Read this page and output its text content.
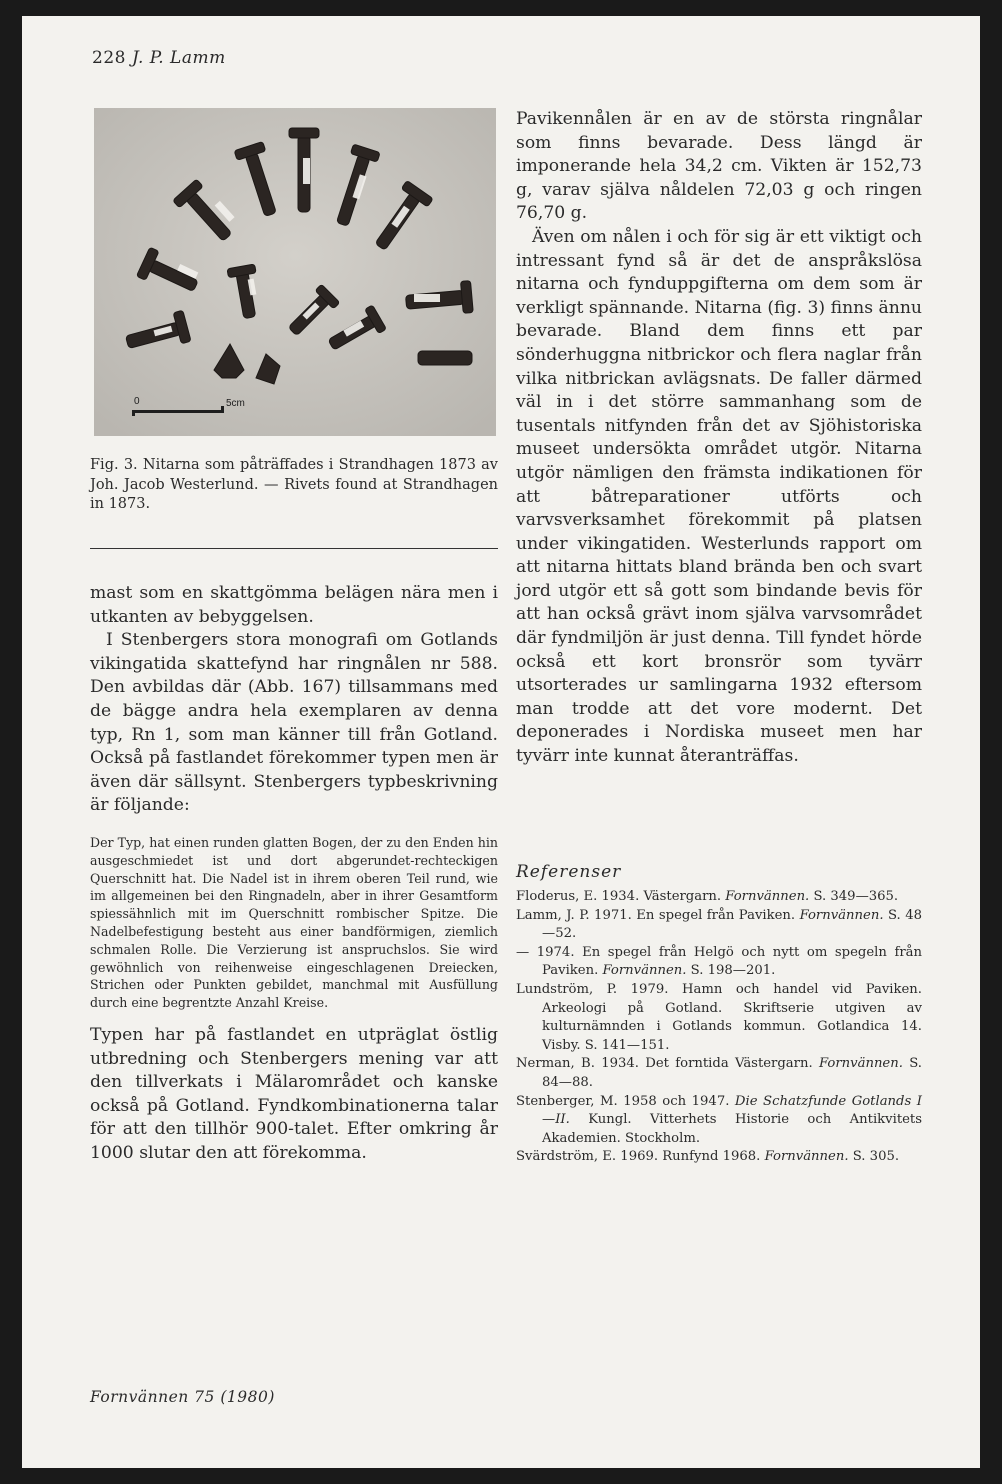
228 J. P. Lamm
0	5cm

Fig. 3. Nitarna som påträffades i Strandhagen 1873 av Joh. Jacob Westerlund. — Rivets found at Strandhagen in 1873.

mast som en skattgömma belägen nära men i utkanten av bebyggelsen.

I Stenbergers stora monografi om Gotlands vikingatida skattefynd har ringnålen nr 588. Den avbildas där (Abb. 167) tillsammans med de bägge andra hela exemplaren av denna typ, Rn 1, som man känner till från Gotland. Också på fastlandet förekommer typen men är även där sällsynt. Stenbergers typbeskrivning är följande:

Der Typ, hat einen runden glatten Bogen, der zu den Enden hin ausgeschmiedet ist und dort abgerundet-rechteckigen Querschnitt hat. Die Nadel ist in ihrem oberen Teil rund, wie im allgemeinen bei den Ringnadeln, aber in ihrer Gesamtform spiessähnlich mit im Querschnitt rombischer Spitze. Die Nadelbefestigung besteht aus einer bandförmigen, ziemlich schmalen Rolle. Die Verzierung ist anspruchslos. Sie wird gewöhnlich von reihenweise eingeschlagenen Dreiecken, Strichen oder Punkten gebildet, manchmal mit Ausfüllung durch eine begrentzte Anzahl Kreise.

Typen har på fastlandet en utpräglat östlig utbredning och Stenbergers mening var att den tillverkats i Mälarområdet och kanske också på Gotland. Fyndkombinationerna talar för att den tillhör 900-talet. Efter omkring år 1000 slutar den att förekomma.

Pavikennålen är en av de största ringnålar som finns bevarade. Dess längd är imponerande hela 34,2 cm. Vikten är 152,73 g, varav själva nåldelen 72,03 g och ringen 76,70 g.

Även om nålen i och för sig är ett viktigt och intressant fynd så är det de anspråkslösa nitarna och fynduppgifterna om dem som är verkligt spännande. Nitarna (fig. 3) finns ännu bevarade. Bland dem finns ett par sönderhuggna nitbrickor och flera naglar från vilka nitbrickan avlägsnats. De faller därmed väl in i det större sammanhang som de tusentals nitfynden från det av Sjöhistoriska museet undersökta området utgör. Nitarna utgör nämligen den främsta indikationen för att båtreparationer utförts och varvsverksamhet förekommit på platsen under vikingatiden. Westerlunds rapport om att nitarna hittats bland brända ben och svart jord utgör ett så gott som bindande bevis för att han också grävt inom själva varvsområdet där fyndmiljön är just denna. Till fyndet hörde också ett kort bronsrör som tyvärr utsorterades ur samlingarna 1932 eftersom man trodde att det vore modernt. Det deponerades i Nordiska museet men har tyvärr inte kunnat återanträffas.

Referenser

Floderus, E. 1934. Västergarn. Fornvännen. S. 349—365.

Lamm, J. P. 1971. En spegel från Paviken. Fornvännen. S. 48—52.

— 1974. En spegel från Helgö och nytt om spegeln från Paviken. Fornvännen. S. 198—201.

Lundström, P. 1979. Hamn och handel vid Paviken. Arkeologi på Gotland. Skriftserie utgiven av kulturnämnden i Gotlands kommun. Gotlandica 14. Visby. S. 141—151.

Nerman, B. 1934. Det forntida Västergarn. Fornvännen. S. 84—88.

Stenberger, M. 1958 och 1947. Die Schatzfunde Gotlands I—II. Kungl. Vitterhets Historie och Antikvitets Akademien. Stockholm.

Svärdström, E. 1969. Runfynd 1968. Fornvännen. S. 305.

Fornvännen 75 (1980)
